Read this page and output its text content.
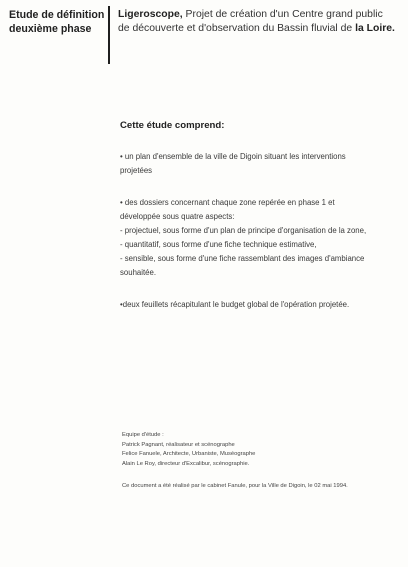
Etude de définition
deuxième phase
Ligeroscope, Projet de création d'un Centre grand public
de découverte et d'observation du Bassin fluvial de la Loire.
Cette étude comprend:
• un plan d'ensemble de la ville de Digoin situant les interventions
projetées
• des dossiers concernant chaque zone repérée en phase 1 et
développée sous quatre aspects:
- projectuel, sous forme d'un plan de principe d'organisation de la zone,
- quantitatif, sous forme d'une fiche technique estimative,
- sensible, sous forme d'une fiche rassemblant des images d'ambiance
souhaitée.
•deux feuillets récapitulant le budget global de l'opération projetée.
Equipe d'étude :
Patrick Pagnant, réalisateur et scénographe
Felice Fanuele, Architecte, Urbaniste, Muséographe
Alain Le Roy, directeur d'Excalibur, scénographie.
Ce document a été réalisé par le cabinet Fanule, pour la Ville de Digoin, le 02 mai 1994.
